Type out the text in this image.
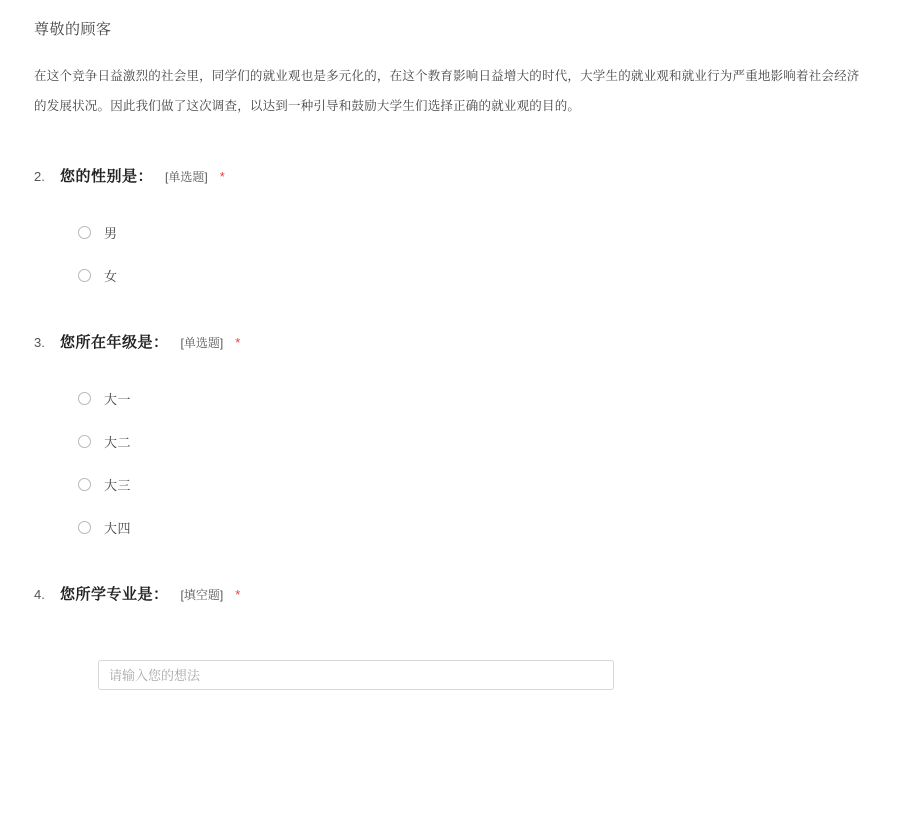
尊敬的顾客
在这个竞争日益激烈的社会里，同学们的就业观也是多元化的，在这个教育影响日益增大的时代，大学生的就业观和就业行为严重地影响着社会经济的发展状况。因此我们做了这次调查，以达到一种引导和鼓励大学生们选择正确的就业观的目的。
2.	您的性别是： [单选题] *
男
女
3.	您所在年级是： [单选题] *
大一
大二
大三
大四
4.	您所学专业是： [填空题] *
请输入您的想法
